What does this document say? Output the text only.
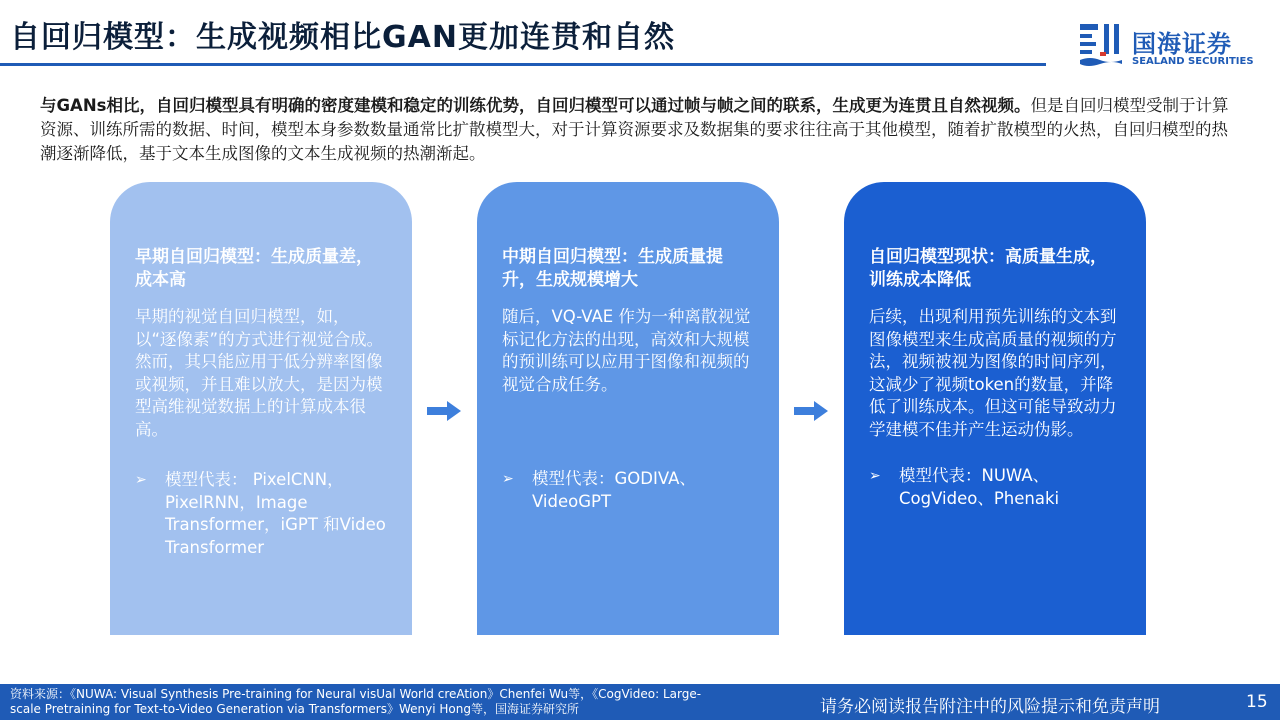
自回归模型：生成视频相比GAN更加连贯和自然	国海证券
SEALAND SECURITIES
与GANs相比，自回归模型具有明确的密度建模和稳定的训练优势，自回归模型可以通过帧与帧之间的联系，生成更为连贯且自然视频。但是自回归模型受制于计算资源、训练所需的数据、时间，模型本身参数数量通常比扩散模型大，对于计算资源要求及数据集的要求往往高于其他模型，随着扩散模型的火热，自回归模型的热潮逐渐降低，基于文本生成图像的文本生成视频的热潮渐起。
早期自回归模型：生成质量差，成本高
早期的视觉自回归模型，如，以“逐像素”的方式进行视觉合成。然而，其只能应用于低分辨率图像或视频，并且难以放大，是因为模型高维视觉数据上的计算成本很高。
➢	模型代表： PixelCNN，PixelRNN，Image Transformer，iGPT 和Video Transformer
中期自回归模型：生成质量提升，生成规模增大
随后，VQ-VAE 作为一种离散视觉标记化方法的出现，高效和大规模的预训练可以应用于图像和视频的视觉合成任务。
➢	模型代表：GODIVA、VideoGPT
自回归模型现状：高质量生成，训练成本降低
后续，出现利用预先训练的文本到图像模型来生成高质量的视频的方法，视频被视为图像的时间序列，这减少了视频token的数量，并降低了训练成本。但这可能导致动力学建模不佳并产生运动伪影。
➢	模型代表：NUWA、CogVideo、Phenaki
资料来源：《NUWA: Visual Synthesis Pre-training for Neural visUal World creAtion》Chenfei Wu等，《CogVideo: Large-scale Pretraining for Text-to-Video Generation via Transformers》Wenyi Hong等，国海证券研究所	请务必阅读报告附注中的风险提示和免责声明	15
